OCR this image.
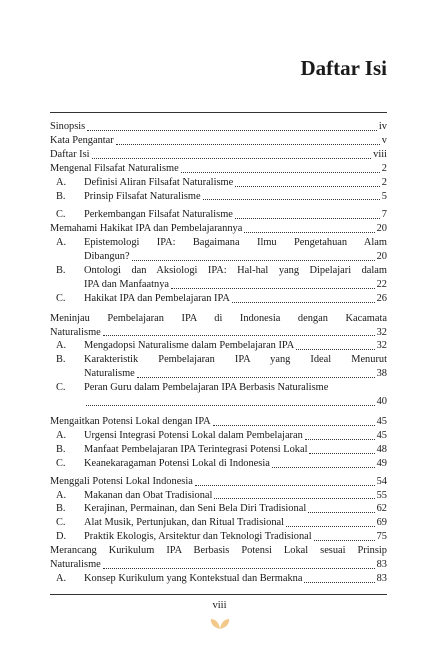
Daftar Isi
Sinopsis	iv
Kata Pengantar	v
Daftar Isi	viii
Mengenal Filsafat Naturalisme	2
A.	Definisi Aliran Filsafat Naturalisme	2
B.	Prinsip Filsafat Naturalisme	5
C.	Perkembangan Filsafat Naturalisme	7
Memahami Hakikat IPA dan Pembelajarannya	20
A.	Epistemologi IPA: Bagaimana Ilmu Pengetahuan Alam
Dibangun?	20
B.	Ontologi dan Aksiologi IPA: Hal-hal yang Dipelajari dalam
IPA dan Manfaatnya	22
C.	Hakikat IPA dan Pembelajaran IPA	26
Meninjau Pembelajaran IPA di Indonesia dengan Kacamata
Naturalisme	32
A.	Mengadopsi Naturalisme dalam Pembelajaran IPA	32
B.	Karakteristik Pembelajaran IPA yang Ideal Menurut
Naturalisme	38
C.	Peran Guru dalam Pembelajaran IPA Berbasis Naturalisme
40
Mengaitkan Potensi Lokal dengan IPA	45
A.	Urgensi Integrasi Potensi Lokal dalam Pembelajaran	45
B.	Manfaat Pembelajaran IPA Terintegrasi Potensi Lokal	48
C.	Keanekaragaman Potensi Lokal di Indonesia	49
Menggali Potensi Lokal Indonesia	54
A.	Makanan dan Obat Tradisional	55
B.	Kerajinan, Permainan, dan Seni Bela Diri Tradisional	62
C.	Alat Musik, Pertunjukan, dan Ritual Tradisional	69
D.	Praktik Ekologis, Arsitektur dan Teknologi Tradisional	75
Merancang Kurikulum IPA Berbasis Potensi Lokal sesuai Prinsip
Naturalisme	83
A.	Konsep Kurikulum yang Kontekstual dan Bermakna	83
viii
